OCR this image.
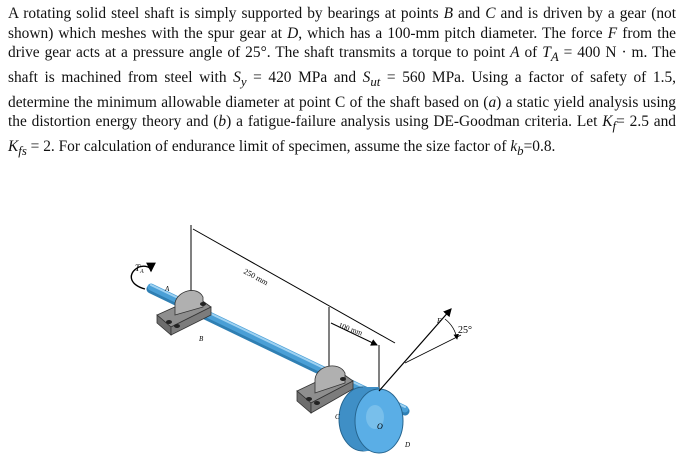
A rotating solid steel shaft is simply supported by bearings at points B and C and is driven by a gear (not shown) which meshes with the spur gear at D, which has a 100-mm pitch diameter. The force F from the drive gear acts at a pressure angle of 25°. The shaft transmits a torque to point A of $T_A = 400$ N · m. The shaft is machined from steel with $S_y = 420$ MPa and $S_{ut} = 560$ MPa. Using a factor of safety of 1.5, determine the minimum allowable diameter at point C of the shaft based on (a) a static yield analysis using the distortion energy theory and (b) a fatigue-failure analysis using DE-Goodman criteria. Let $K_f= 2.5$ and $K_{fs} = 2$. For calculation of endurance limit of specimen, assume the size factor of $k_b=0.8$.
$T_A$
A
B
C
D
O
F
250 mm
100 mm	25°
